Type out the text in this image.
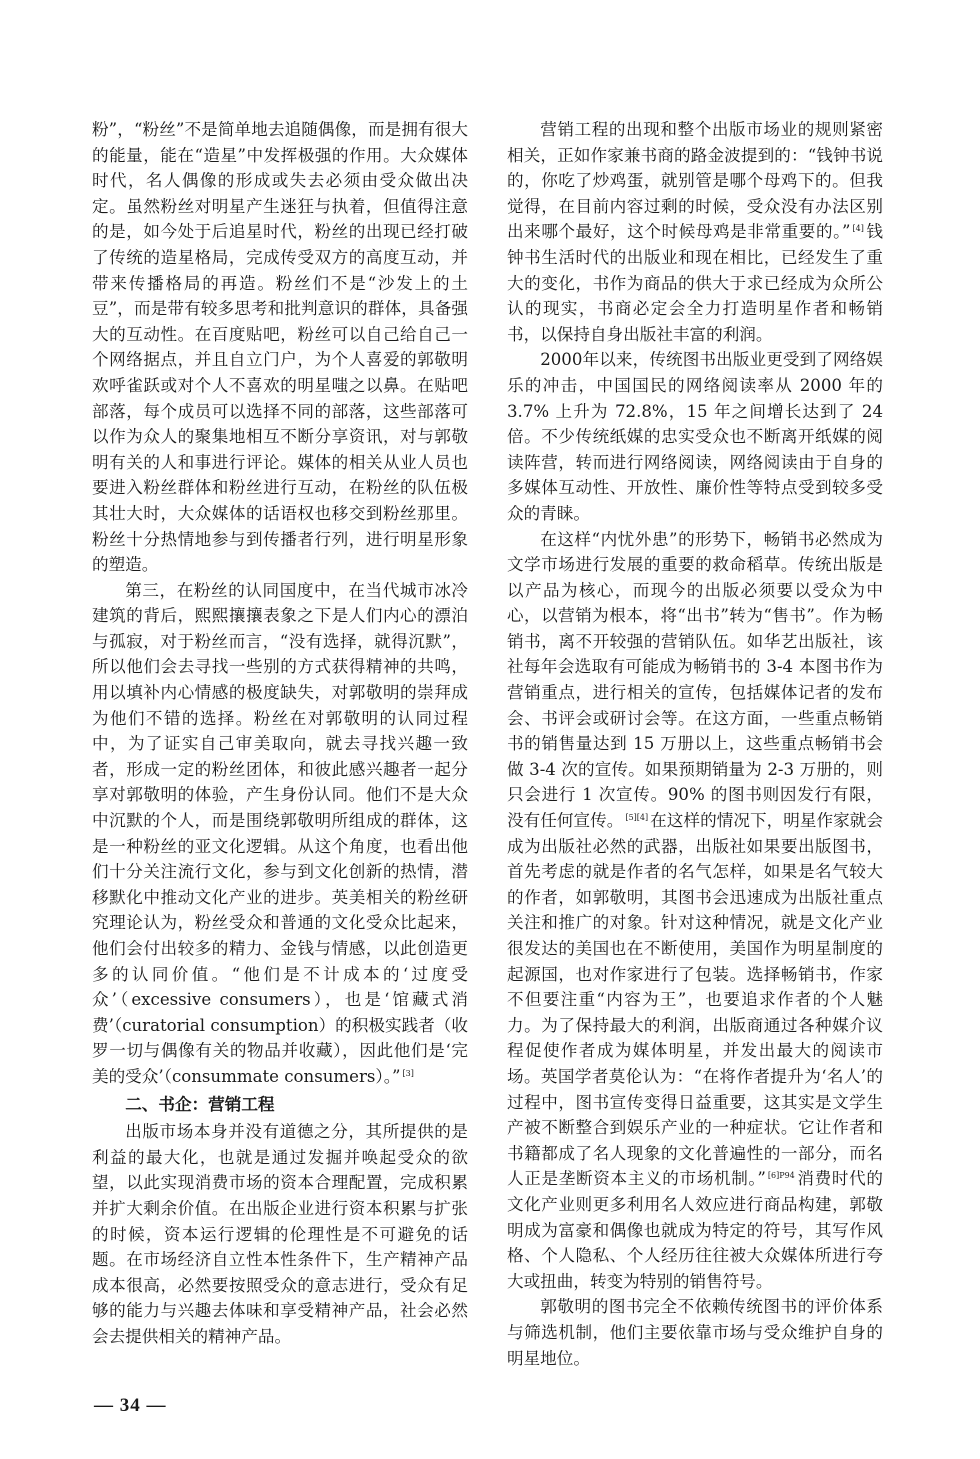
粉”，“粉丝”不是简单地去追随偶像，而是拥有很大的能量，能在“造星”中发挥极强的作用。大众媒体时代，名人偶像的形成或失去必须由受众做出决定。虽然粉丝对明星产生迷狂与执着，但值得注意的是，如今处于后追星时代，粉丝的出现已经打破了传统的造星格局，完成传受双方的高度互动，并带来传播格局的再造。粉丝们不是“沙发上的土豆”，而是带有较多思考和批判意识的群体，具备强大的互动性。在百度贴吧，粉丝可以自己给自己一个网络据点，并且自立门户，为个人喜爱的郭敬明欢呼雀跃或对个人不喜欢的明星嗤之以鼻。在贴吧部落，每个成员可以选择不同的部落，这些部落可以作为众人的聚集地相互不断分享资讯，对与郭敬明有关的人和事进行评论。媒体的相关从业人员也要进入粉丝群体和粉丝进行互动，在粉丝的队伍极其壮大时，大众媒体的话语权也移交到粉丝那里。粉丝十分热情地参与到传播者行列，进行明星形象的塑造。

第三，在粉丝的认同国度中，在当代城市冰冷建筑的背后，熙熙攘攘表象之下是人们内心的漂泊与孤寂，对于粉丝而言，“没有选择，就得沉默”，所以他们会去寻找一些别的方式获得精神的共鸣，用以填补内心情感的极度缺失，对郭敬明的崇拜成为他们不错的选择。粉丝在对郭敬明的认同过程中，为了证实自己审美取向，就去寻找兴趣一致者，形成一定的粉丝团体，和彼此感兴趣者一起分享对郭敬明的体验，产生身份认同。他们不是大众中沉默的个人，而是围绕郭敬明所组成的群体，这是一种粉丝的亚文化逻辑。从这个角度，也看出他们十分关注流行文化，参与到文化创新的热情，潜移默化中推动文化产业的进步。英美相关的粉丝研究理论认为，粉丝受众和普通的文化受众比起来，他们会付出较多的精力、金钱与情感，以此创造更多的认同价值。“他们是不计成本的‘过度受众’（excessive consumers），也是‘馆藏式消费’（curatorial consumption）的积极实践者（收罗一切与偶像有关的物品并收藏），因此他们是‘完美的受众’（consummate consumers）。” [3]

二、书企：营销工程

出版市场本身并没有道德之分，其所提供的是利益的最大化，也就是通过发掘并唤起受众的欲望，以此实现消费市场的资本合理配置，完成积累并扩大剩余价值。在出版企业进行资本积累与扩张的时候，资本运行逻辑的伦理性是不可避免的话题。在市场经济自立性本性条件下，生产精神产品成本很高，必然要按照受众的意志进行，受众有足够的能力与兴趣去体味和享受精神产品，社会必然会去提供相关的精神产品。

营销工程的出现和整个出版市场业的规则紧密相关，正如作家兼书商的路金波提到的：“钱钟书说的，你吃了炒鸡蛋，就别管是哪个母鸡下的。但我觉得，在目前内容过剩的时候，受众没有办法区别出来哪个最好，这个时候母鸡是非常重要的。” [4] 钱钟书生活时代的出版业和现在相比，已经发生了重大的变化，书作为商品的供大于求已经成为众所公认的现实，书商必定会全力打造明星作者和畅销书，以保持自身出版社丰富的利润。

2000年以来，传统图书出版业更受到了网络娱乐的冲击，中国国民的网络阅读率从 2000 年的 3.7% 上升为 72.8%，15 年之间增长达到了 24 倍。不少传统纸媒的忠实受众也不断离开纸媒的阅读阵营，转而进行网络阅读，网络阅读由于自身的多媒体互动性、开放性、廉价性等特点受到较多受众的青睐。

在这样“内忧外患”的形势下，畅销书必然成为文学市场进行发展的重要的救命稻草。传统出版是以产品为核心，而现今的出版必须要以受众为中心，以营销为根本，将“出书”转为“售书”。作为畅销书，离不开较强的营销队伍。如华艺出版社，该社每年会选取有可能成为畅销书的 3-4 本图书作为营销重点，进行相关的宣传，包括媒体记者的发布会、书评会或研讨会等。在这方面，一些重点畅销书的销售量达到 15 万册以上，这些重点畅销书会做 3-4 次的宣传。如果预期销量为 2-3 万册的，则只会进行 1 次宣传。90% 的图书则因发行有限，没有任何宣传。 [5][4] 在这样的情况下，明星作家就会成为出版社必然的武器，出版社如果要出版图书，首先考虑的就是作者的名气怎样，如果是名气较大的作者，如郭敬明，其图书会迅速成为出版社重点关注和推广的对象。针对这种情况，就是文化产业很发达的美国也在不断使用，美国作为明星制度的起源国，也对作家进行了包装。选择畅销书，作家不但要注重“内容为王”，也要追求作者的个人魅力。为了保持最大的利润，出版商通过各种媒介议程促使作者成为媒体明星，并发出最大的阅读市场。英国学者莫伦认为：“在将作者提升为‘名人’的过程中，图书宣传变得日益重要，这其实是文学生产被不断整合到娱乐产业的一种症状。它让作者和书籍都成了名人现象的文化普遍性的一部分，而名人正是垄断资本主义的市场机制。” $^{[6]P94}$ 消费时代的文化产业则更多利用名人效应进行商品构建，郭敬明成为富豪和偶像也就成为特定的符号，其写作风格、个人隐私、个人经历往往被大众媒体所进行夸大或扭曲，转变为特别的销售符号。

郭敬明的图书完全不依赖传统图书的评价体系与筛选机制，他们主要依靠市场与受众维护自身的明星地位。

— 34 —
